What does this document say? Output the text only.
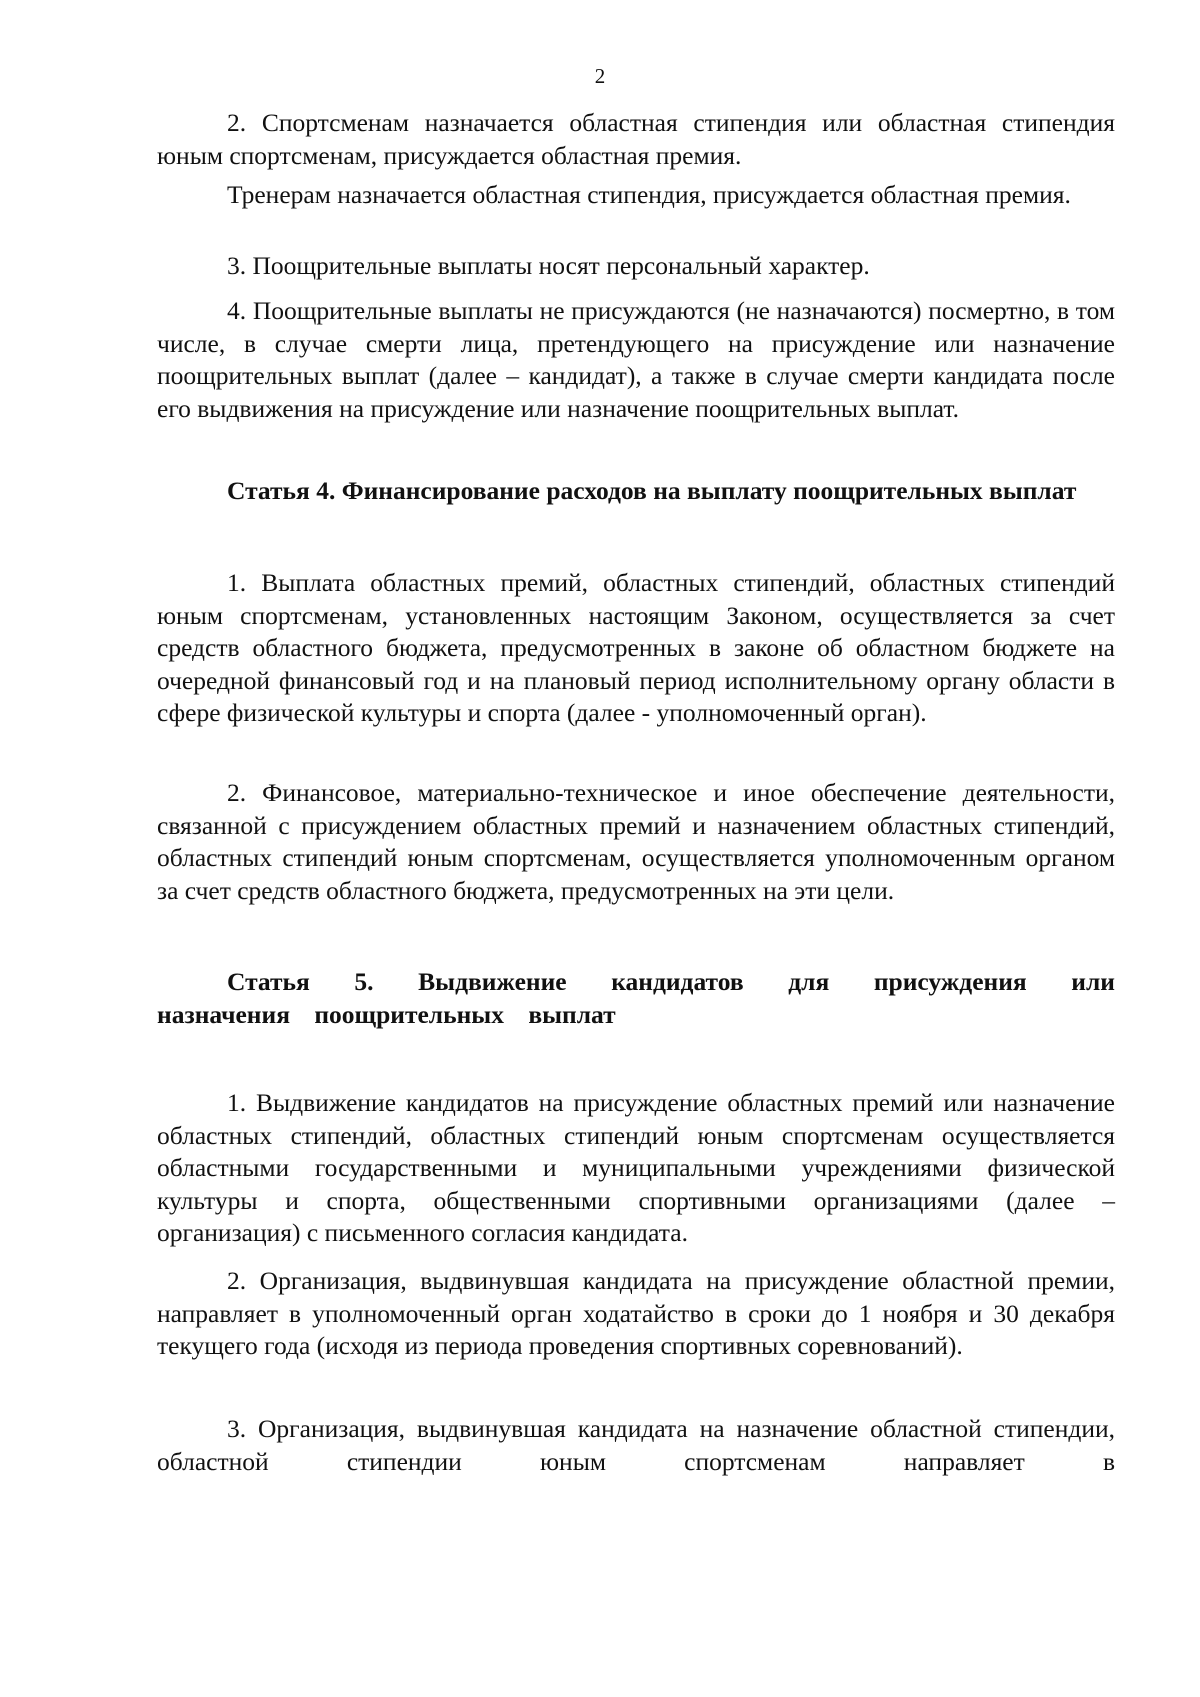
2

2. Спортсменам назначается областная стипендия или областная стипендия юным спортсменам, присуждается областная премия.

Тренерам назначается областная стипендия, присуждается областная премия.

3. Поощрительные выплаты носят персональный характер.

4. Поощрительные выплаты не присуждаются (не назначаются) посмертно, в том числе, в случае смерти лица, претендующего на присуждение или назначение поощрительных выплат (далее – кандидат), а также в случае смерти кандидата после его выдвижения на присуждение или назначение поощрительных выплат.

Статья 4. Финансирование расходов на выплату поощрительных выплат

1. Выплата областных премий, областных стипендий, областных стипендий юным спортсменам, установленных настоящим Законом, осуществляется за счет средств областного бюджета, предусмотренных в законе об областном бюджете на очередной финансовый год и на плановый период исполнительному органу области в сфере физической культуры и спорта (далее - уполномоченный орган).

2. Финансовое, материально-техническое и иное обеспечение деятельности, связанной с присуждением областных премий и назначением областных стипендий, областных стипендий юным спортсменам, осуществляется уполномоченным органом за счет средств областного бюджета, предусмотренных на эти цели.

Статья 5. Выдвижение кандидатов для присуждения или назначения поощрительных выплат

1. Выдвижение кандидатов на присуждение областных премий или назначение областных стипендий, областных стипендий юным спортсменам осуществляется областными государственными и муниципальными учреждениями физической культуры и спорта, общественными спортивными организациями (далее – организация) с письменного согласия кандидата.

2. Организация, выдвинувшая кандидата на присуждение областной премии, направляет в уполномоченный орган ходатайство в сроки до 1 ноября и 30 декабря текущего года (исходя из периода проведения спортивных соревнований).

3. Организация, выдвинувшая кандидата на назначение областной стипендии, областной стипендии юным спортсменам направляет в
